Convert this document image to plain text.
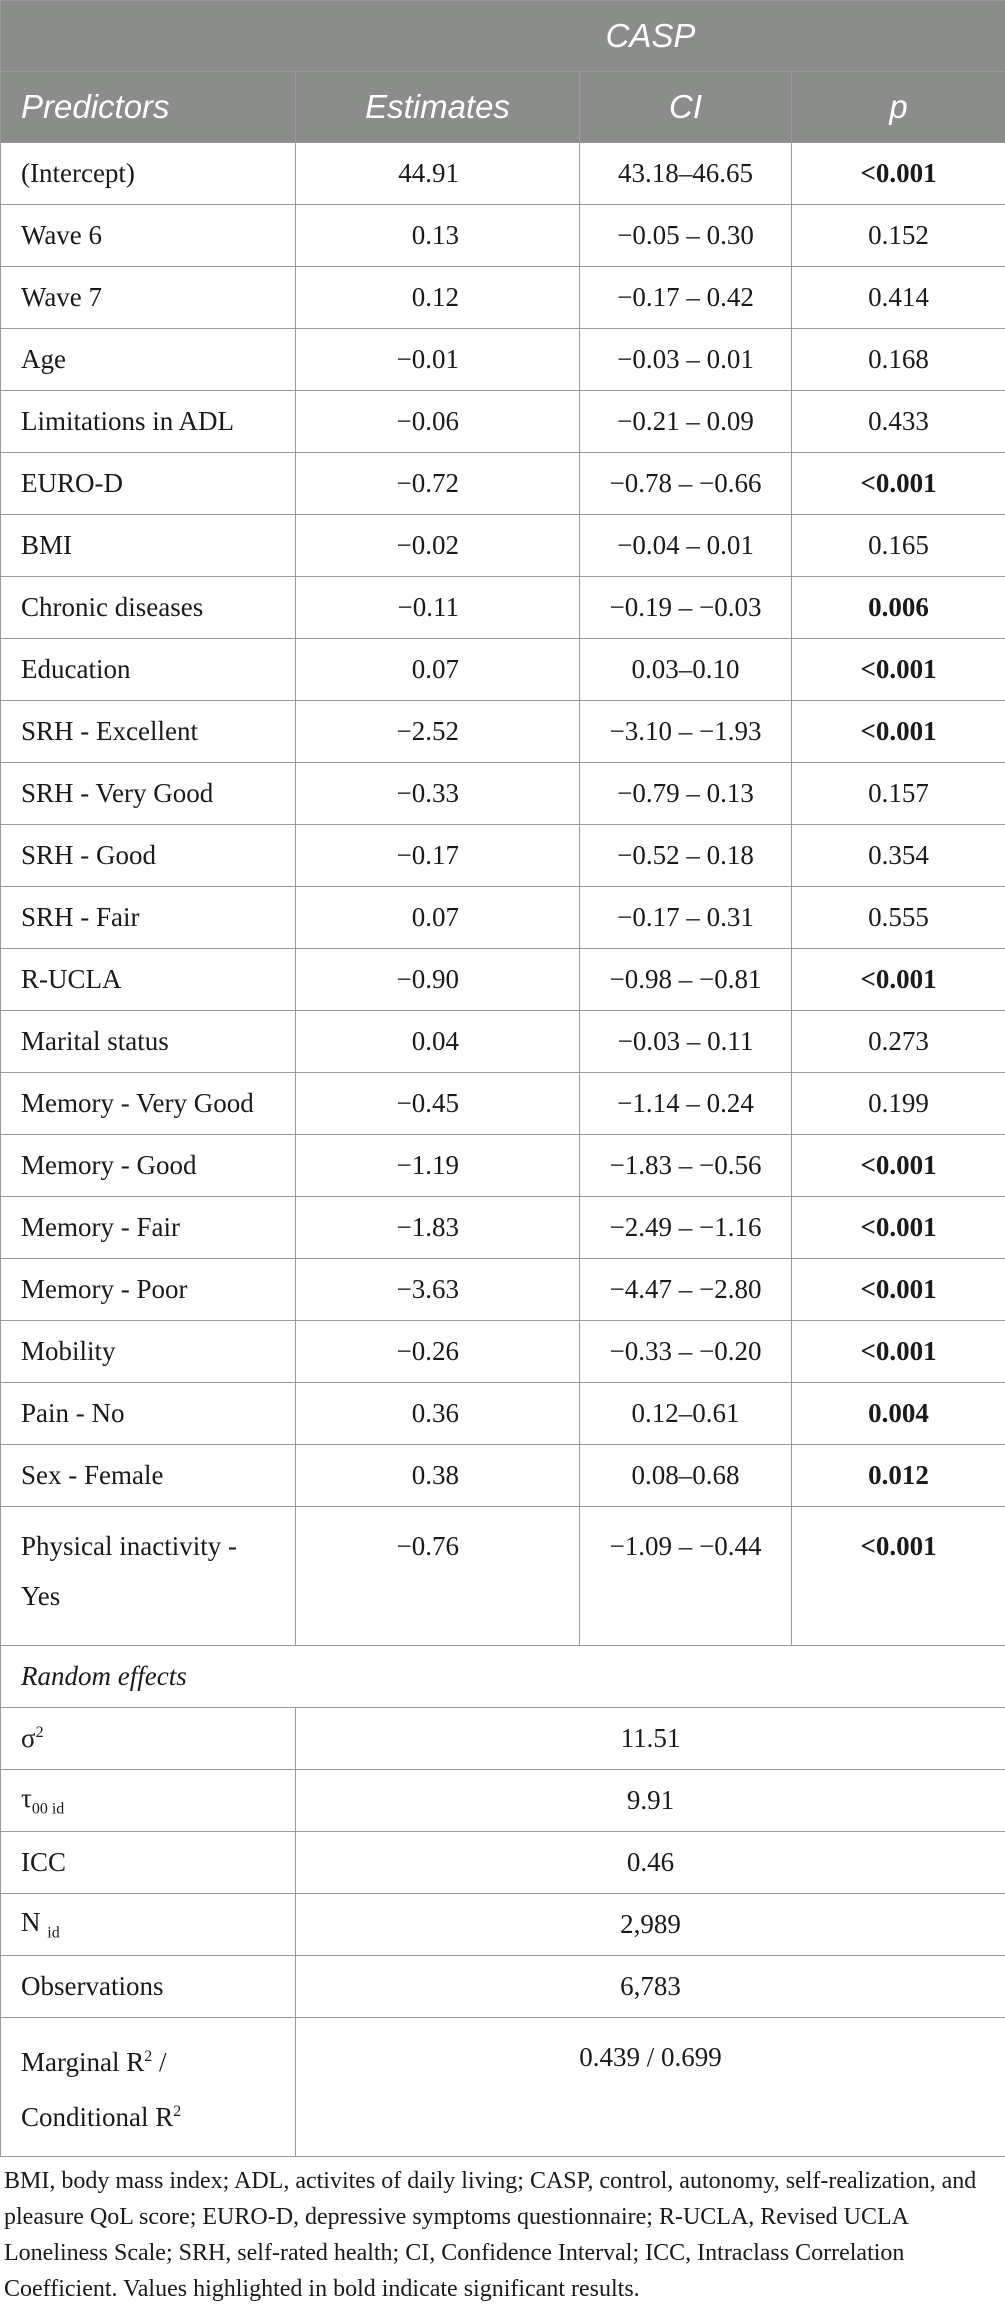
	CASP		
Predictors	Estimates	CI	p
(Intercept)	44.91	43.18–46.65	<0.001
Wave 6	0.13	−0.05 – 0.30	0.152
Wave 7	0.12	−0.17 – 0.42	0.414
Age	−0.01	−0.03 – 0.01	0.168
Limitations in ADL	−0.06	−0.21 – 0.09	0.433
EURO-D	−0.72	−0.78 – −0.66	<0.001
BMI	−0.02	−0.04 – 0.01	0.165
Chronic diseases	−0.11	−0.19 – −0.03	0.006
Education	0.07	0.03–0.10	<0.001
SRH - Excellent	−2.52	−3.10 – −1.93	<0.001
SRH - Very Good	−0.33	−0.79 – 0.13	0.157
SRH - Good	−0.17	−0.52 – 0.18	0.354
SRH - Fair	0.07	−0.17 – 0.31	0.555
R-UCLA	−0.90	−0.98 – −0.81	<0.001
Marital status	0.04	−0.03 – 0.11	0.273
Memory - Very Good	−0.45	−1.14 – 0.24	0.199
Memory - Good	−1.19	−1.83 – −0.56	<0.001
Memory - Fair	−1.83	−2.49 – −1.16	<0.001
Memory - Poor	−3.63	−4.47 – −2.80	<0.001
Mobility	−0.26	−0.33 – −0.20	<0.001
Pain - No	0.36	0.12–0.61	0.004
Sex - Female	0.38	0.08–0.68	0.012
Physical inactivity -
Yes	−0.76	−1.09 – −0.44	<0.001
Random effects			
$\sigma^2$	11.51		
$\tau_{00 id}$	9.91		
ICC	0.46		
N $_{id}$	2,989		
Observations	6,783		
Marginal $R^2$ /
Conditional $R^2$	0.439 / 0.699		
BMI, body mass index; ADL, activites of daily living; CASP, control, autonomy, self-realization, and pleasure QoL score; EURO-D, depressive symptoms questionnaire; R-UCLA, Revised UCLA Loneliness Scale; SRH, self-rated health; CI, Confidence Interval; ICC, Intraclass Correlation Coefficient. Values highlighted in bold indicate significant results.
